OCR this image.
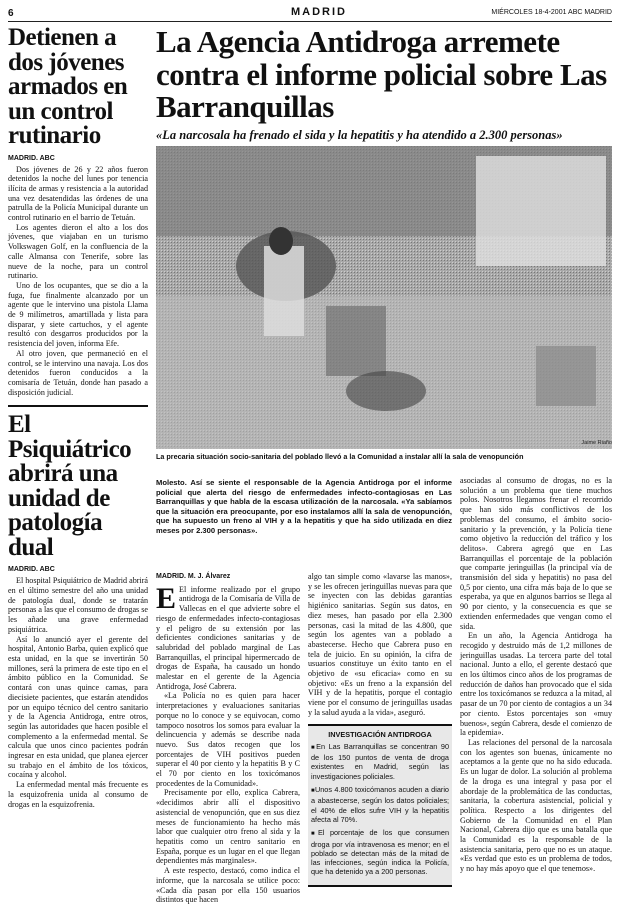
6	MADRID	MIÉRCOLES 18-4-2001 ABC MADRID
Detienen a dos jóvenes armados en un control rutinario
MADRID. ABC

Dos jóvenes de 26 y 22 años fueron detenidos la noche del lunes por tenencia ilícita de armas y resistencia a la autoridad una vez desatendidas las órdenes de una patrulla de la Policía Municipal durante un control rutinario en el barrio de Tetuán.

Los agentes dieron el alto a los dos jóvenes, que viajaban en un turismo Volkswagen Golf, en la confluencia de la calle Almansa con Tenerife, sobre las nueve de la noche, para un control rutinario.

Uno de los ocupantes, que se dio a la fuga, fue finalmente alcanzado por un agente que le intervino una pistola Llama de 9 milímetros, amartillada y lista para disparar, y siete cartuchos, y el agente resultó con desgarros producidos por la resistencia del joven, informa Efe.

Al otro joven, que permaneció en el control, se le intervino una navaja. Los dos detenidos fueron conducidos a la comisaría de Tetuán, donde han pasado a disposición judicial.

El Psiquiátrico abrirá una unidad de patología dual
MADRID. ABC

El hospital Psiquiátrico de Madrid abrirá en el último semestre del año una unidad de patología dual, donde se tratarán personas a las que el consumo de drogas se les añade una grave enfermedad psiquiátrica.

Así lo anunció ayer el gerente del hospital, Antonio Barba, quien explicó que esta unidad, en la que se invertirán 50 millones, será la primera de este tipo en el ámbito público en la Comunidad. Se contará con unas quince camas, para diecisiete pacientes, que estarán atendidos por un equipo técnico del centro sanitario y de la Agencia Antidroga, entre otros, según las autoridades que hacen posible el complemento a la enfermedad mental. Se calcula que unos cinco pacientes podrán ingresar en esta unidad, que planea ejercer su trabajo en el ámbito de los tóxicos, cocaína y alcohol.

La enfermedad mental más frecuente es la esquizofrenia unida al consumo de drogas en la esquizofrenia.

La Agencia Antidroga arremete contra el informe policial sobre Las Barranquillas
«La narcosala ha frenado el sida y la hepatitis y ha atendido a 2.300 personas»
Jaime Riaño
La precaria situación socio-sanitaria del poblado llevó a la Comunidad a instalar allí la sala de venopunción
Molesto. Así se siente el responsable de la Agencia Antidroga por el informe policial que alerta del riesgo de enfermedades infecto-contagiosas en Las Barranquillas y que habla de la escasa utilización de la narcosala. «Ya sabíamos que la situación era preocupante, por eso instalamos allí la sala de venopunción, que ha supuesto un freno al VIH y a la hepatitis y que ha sido utilizada en diez meses por 2.300 personas».
MADRID. M. J. Álvarez

E El informe realizado por el grupo antidroga de la Comisaría de Villa de Vallecas en el que advierte sobre el riesgo de enfermedades infecto-contagiosas y el peligro de su extensión por las deficientes condiciones sanitarias y de salubridad del poblado marginal de Las Barranquillas, el principal hipermercado de drogas de España, ha causado un hondo malestar en el gerente de la Agencia Antidroga, José Cabrera.

«La Policía no es quien para hacer interpretaciones y evaluaciones sanitarias porque no lo conoce y se equivocan, como tampoco nosotros los somos para evaluar la delincuencia y además se describe nada nuevo. Sus datos recogen que los porcentajes de VIH positivos pueden superar el 40 por ciento y la hepatitis B y C el 70 por ciento en los toxicómanos procedentes de la Comunidad».

Precisamente por ello, explica Cabrera, «decidimos abrir allí el dispositivo asistencial de venopunción, que en sus diez meses de funcionamiento ha hecho más labor que cualquier otro freno al sida y la hepatitis como un centro sanitario en España, porque es un lugar en el que llegan dependientes más marginales».

A este respecto, destacó, como indica el informe, que la narcosala se utilice poco: «Cada día pasan por ella 150 usuarios distintos que hacen

algo tan simple como «lavarse las manos», y se les ofrecen jeringuillas nuevas para que se inyecten con las debidas garantías higiénico sanitarias. Según sus datos, en diez meses, han pasado por ella 2.300 personas, casi la mitad de las 4.800, que según los agentes van a poblado a abastecerse. Hecho que Cabrera puso en tela de juicio. En su opinión, la cifra de usuarios constituye un éxito tanto en el objetivo de «su eficacia» como en su objetivo: «Es un freno a la expansión del VIH y de la hepatitis, porque el contagio viene por el consumo de jeringuillas usadas y la salud ayuda a la vida», aseguró.

INVESTIGACIÓN ANTIDROGA
■ En Las Barranquillas se concentran 90 de los 150 puntos de venta de droga existentes en Madrid, según las investigaciones policiales.
■ Unos 4.800 toxicómanos acuden a diario a abastecerse, según los datos policiales; el 40% de ellos sufre VIH y la hepatitis afecta al 70%.
■ El porcentaje de los que consumen droga por vía intravenosa es menor; en el poblado se detectan más de la mitad de las infecciones, según indica la Policía, que ha detenido ya a 200 personas.

asociadas al consumo de drogas, no es la solución a un problema que tiene muchos polos. Nosotros llegamos frenar el recorrido que han sido más conflictivos de los problemas del consumo, el ámbito socio-sanitario y la prevención, y la Policía tiene como objetivo la reducción del tráfico y los delitos». Cabrera agregó que en Las Barranquillas el porcentaje de la población que comparte jeringuillas (la principal vía de transmisión del sida y hepatitis) no pasa del 0,5 por ciento, una cifra más baja de lo que se esperaba, ya que en algunos barrios se llega al 90 por ciento, y la consecuencia es que se extienden enfermedades que vengan como el sida.

En un año, la Agencia Antidroga ha recogido y destruido más de 1,2 millones de jeringuillas usadas. La tercera parte del total nacional. Junto a ello, el gerente destacó que en los últimos cinco años de los programas de reducción de daños han provocado que el sida entre los toxicómanos se reduzca a la mitad, al pasar de un 70 por ciento de contagios a un 34 por ciento. Estos porcentajes son «muy buenos», según Cabrera, desde el comienzo de la epidemia».

Las relaciones del personal de la narcosala con los agentes son buenas, únicamente no aceptamos a la gente que no ha sido educada. Es un lugar de dolor. La solución al problema de la droga es una integral y pasa por el abordaje de la problemática de las conductas, sanitaria, la cobertura asistencial, policial y política. Respecto a los dirigentes del Gobierno de la Comunidad en el Plan Nacional, Cabrera dijo que es una batalla que la Comunidad es la responsable de la asistencia sanitaria, pero que no es un ataque. «Es verdad que esto es un problema de todos, y no hay más apoyo que el que tenemos».
